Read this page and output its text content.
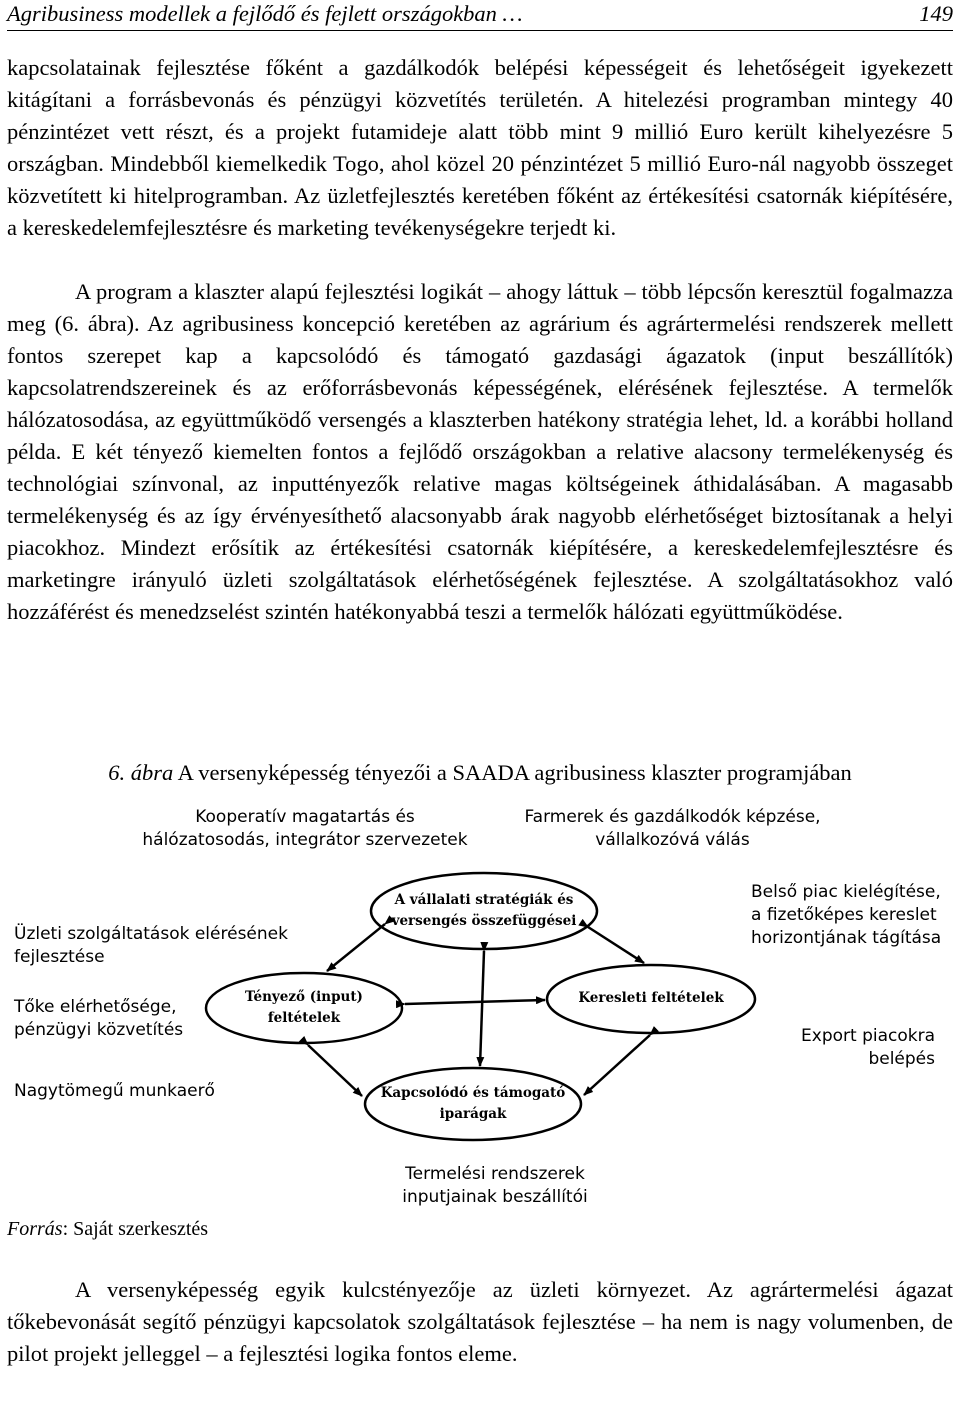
Agribusiness modellek a fejlődő és fejlett országokban …	149

kapcsolatainak fejlesztése főként a gazdálkodók belépési képességeit és lehetőségeit igyekezett kitágítani a forrásbevonás és pénzügyi közvetítés területén. A hitelezési programban mintegy 40 pénzintézet vett részt, és a projekt futamideje alatt több mint 9 millió Euro került kihelyezésre 5 országban. Mindebből kiemelkedik Togo, ahol közel 20 pénzintézet 5 millió Euro-nál nagyobb összeget közvetített ki hitelprogramban. Az üzletfejlesztés keretében főként az értékesítési csatornák kiépítésére, a kereskedelemfejlesztésre és marketing tevékenységekre terjedt ki.

A program a klaszter alapú fejlesztési logikát – ahogy láttuk – több lépcsőn keresztül fogalmazza meg (6. ábra). Az agribusiness koncepció keretében az agrárium és agrártermelési rendszerek mellett fontos szerepet kap a kapcsolódó és támogató gazdasági ágazatok (input beszállítók) kapcsolatrendszereinek és az erőforrásbevonás képességének, elérésének fejlesztése. A termelők hálózatosodása, az együttműködő versengés a klaszterben hatékony stratégia lehet, ld. a korábbi holland példa. E két tényező kiemelten fontos a fejlődő országokban a relative alacsony termelékenység és technológiai színvonal, az inputtényezők relative magas költségeinek áthidalásában. A magasabb termelékenység és az így érvényesíthető alacsonyabb árak nagyobb elérhetőséget biztosítanak a helyi piacokhoz. Mindezt erősítik az értékesítési csatornák kiépítésére, a kereskedelemfejlesztésre és marketingre irányuló üzleti szolgáltatások elérhetőségének fejlesztése. A szolgáltatásokhoz való hozzáférést és menedzselést szintén hatékonyabbá teszi a termelők hálózati együttműködése.

6. ábra A versenyképesség tényezői a SAADA agribusiness klaszter programjában
A vállalati stratégiák és
versengés összefüggései
Tényező (input)
feltételek
Keresleti feltételek
Kapcsolódó és támogató
iparágak
Kooperatív magatartás és
hálózatosodás, integrátor szervezetek
Farmerek és gazdálkodók képzése,
vállalkozóvá válás
Üzleti szolgáltatások elérésének
fejlesztése
Tőke elérhetősége,
pénzügyi közvetítés
Nagytömegű munkaerő
Belső piac kielégítése,
a fizetőképes kereslet
horizontjának tágítása
Export piacokra
belépés
Termelési rendszerek
inputjainak beszállítói
Forrás: Saját szerkesztés

A versenyképesség egyik kulcstényezője az üzleti környezet. Az agrártermelési ágazat tőkebevonását segítő pénzügyi kapcsolatok szolgáltatások fejlesztése – ha nem is nagy volumenben, de pilot projekt jelleggel – a fejlesztési logika fontos eleme.
